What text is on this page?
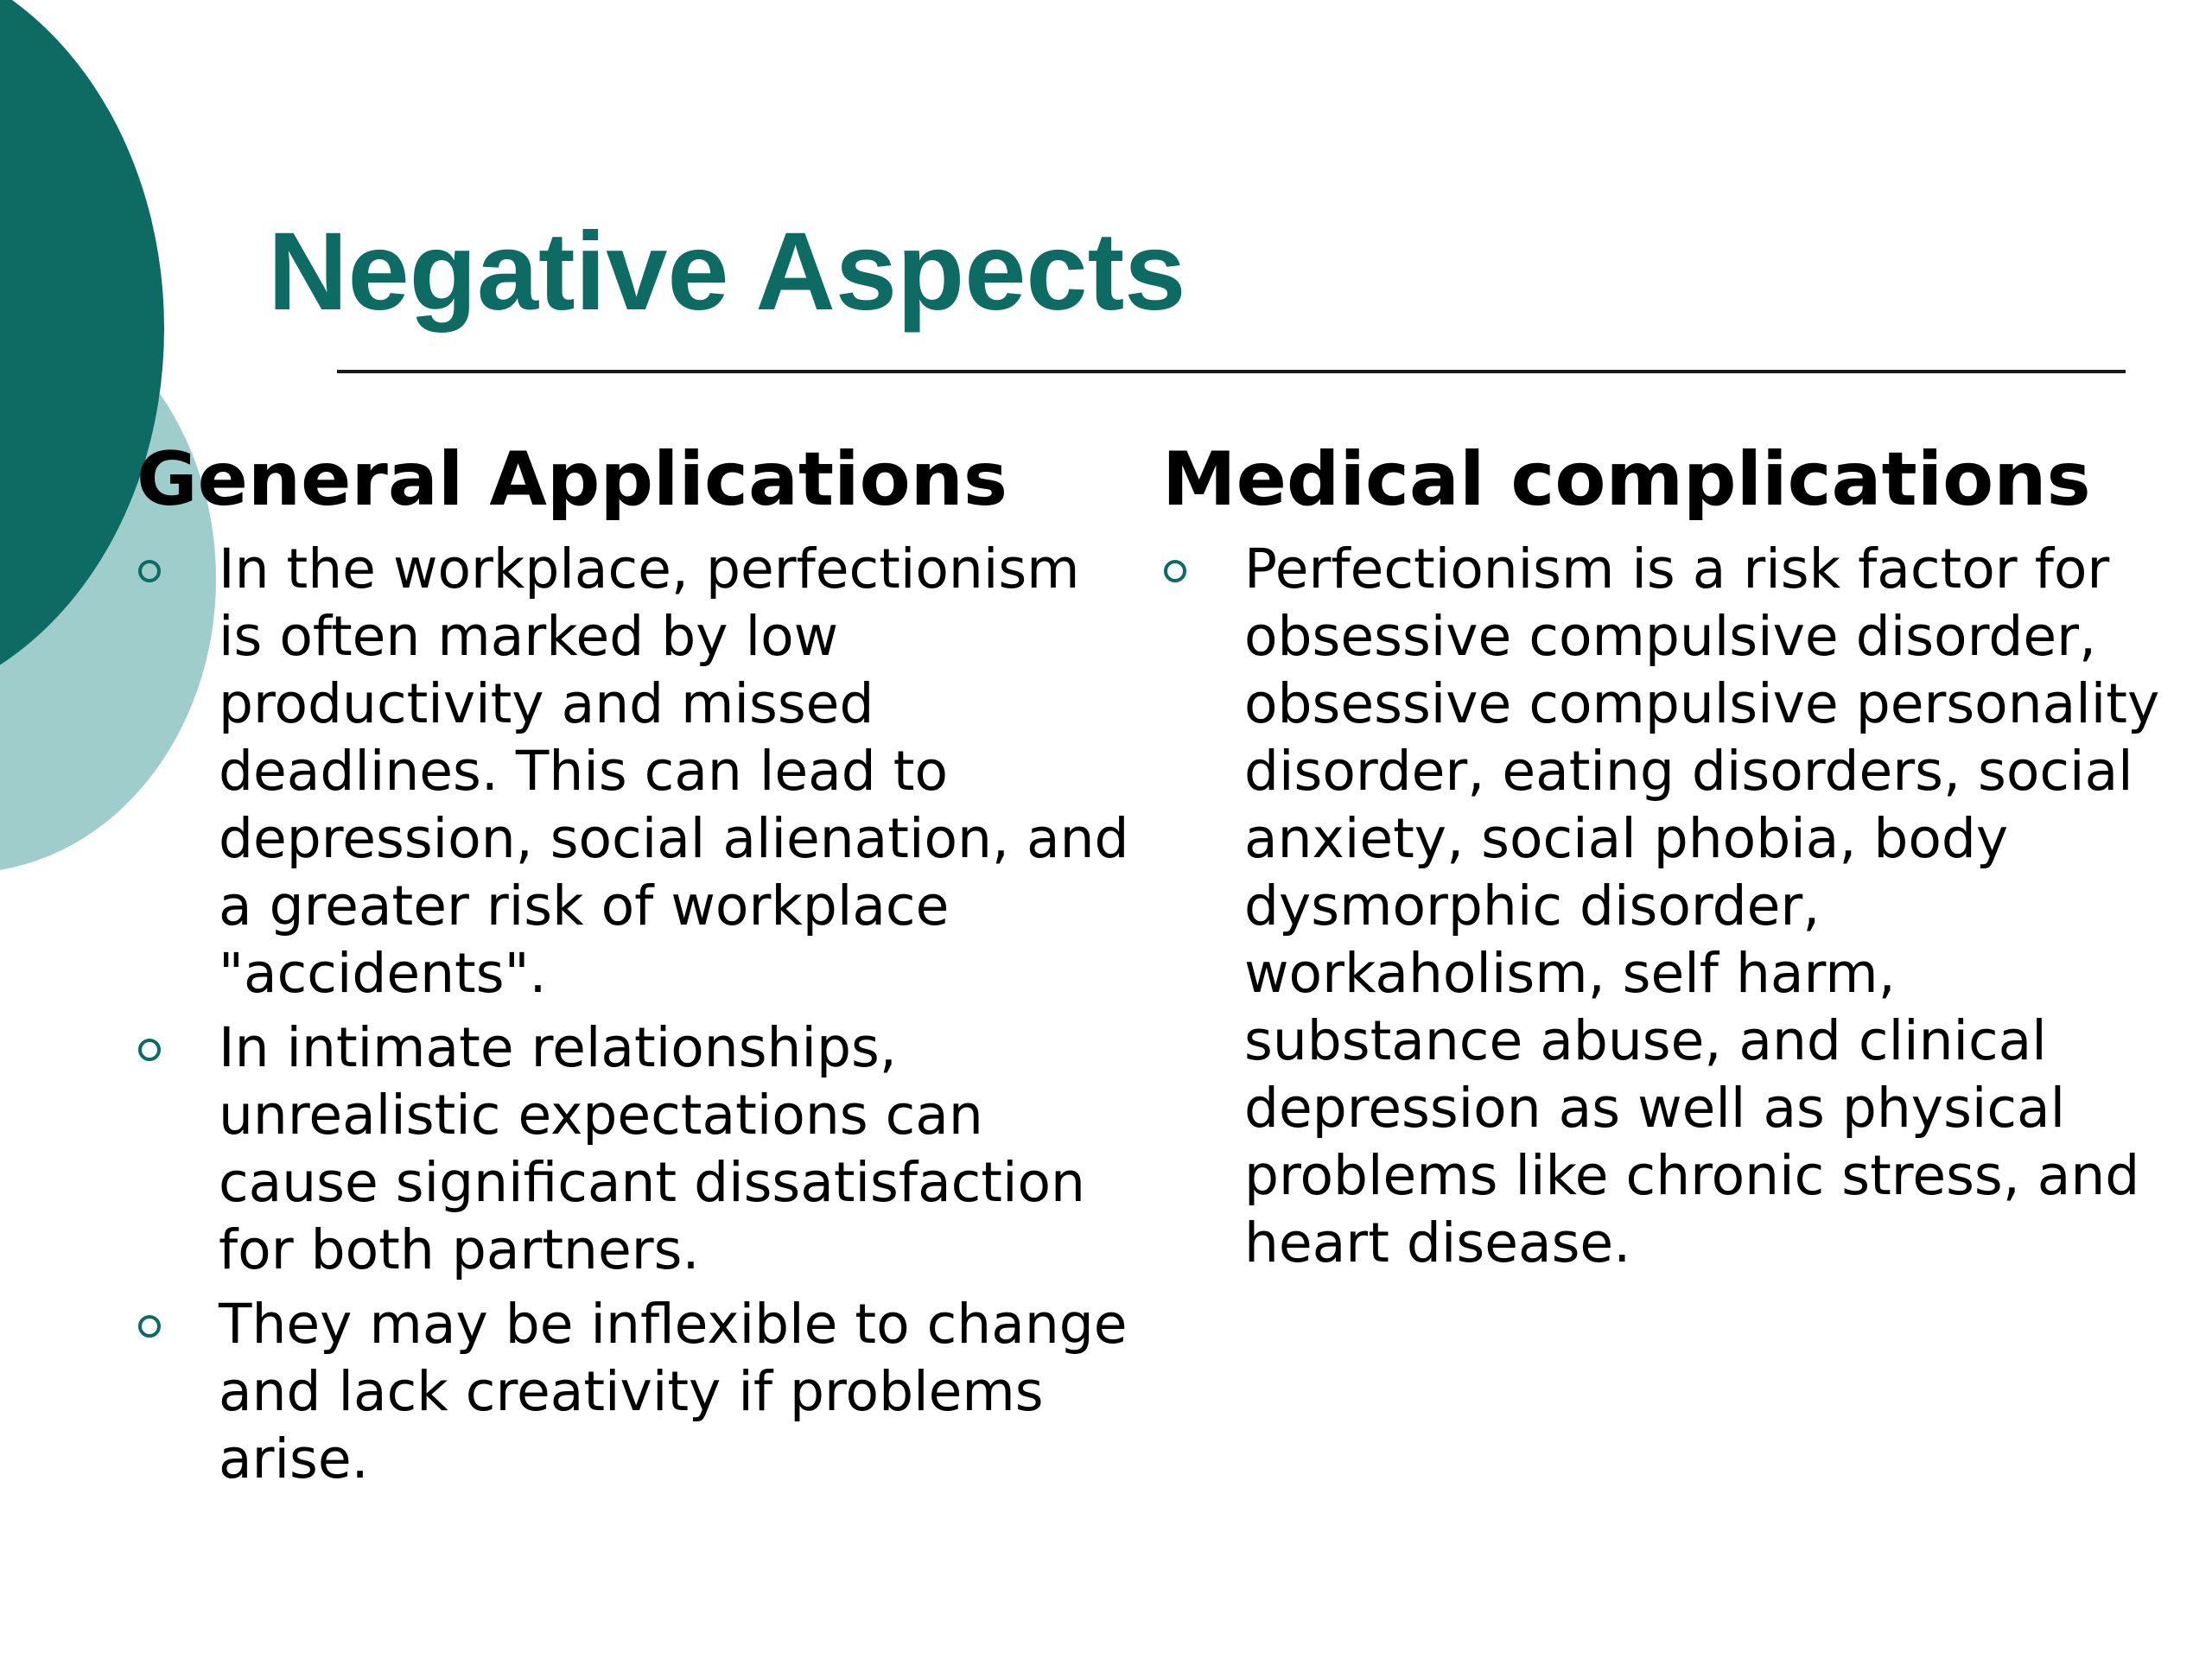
Negative Aspects
General Applications
In the workplace, perfectionism is often marked by low productivity and missed deadlines. This can lead to depression, social alienation, and a greater risk of workplace "accidents".
In intimate relationships, unrealistic expectations can cause significant dissatisfaction for both partners.
They may be inflexible to change and lack creativity if problems arise.
Medical complications
Perfectionism is a risk factor for obsessive compulsive disorder, obsessive compulsive personality disorder, eating disorders, social anxiety, social phobia, body dysmorphic disorder, workaholism, self harm, substance abuse, and clinical depression as well as physical problems like chronic stress, and heart disease.
